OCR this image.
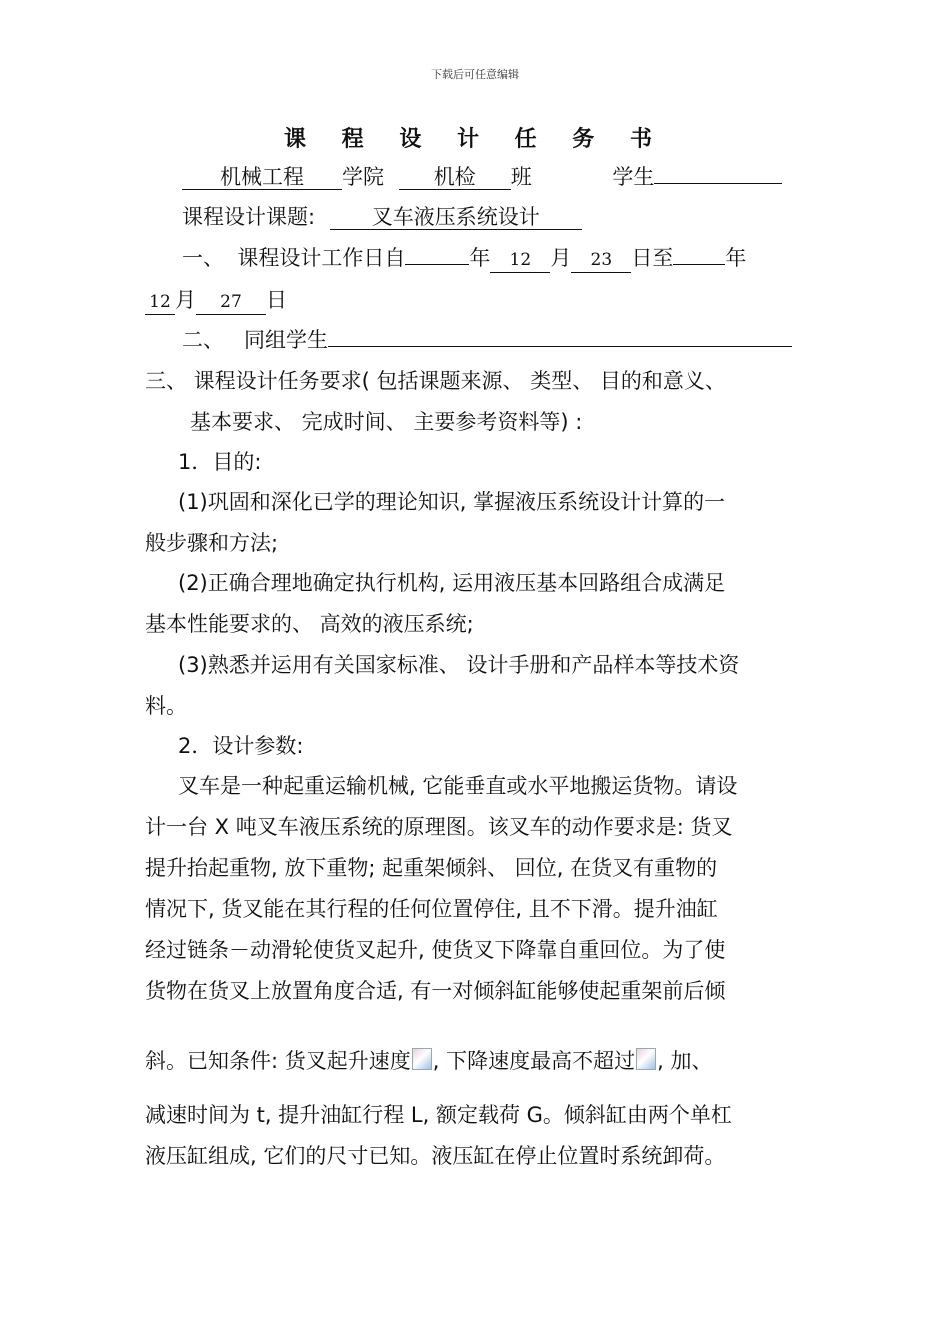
下载后可任意编辑
课 程 设 计 任 务 书
机械工程 学院 机检 班	学生
课程设计课题:	叉车液压系统设计
一、 课程设计工作日自	年 12 月 23 日至 年
12 月 27 日
二、 同组学生
三、 课程设计任务要求( 包括课题来源、 类型、 目的和意义、
基本要求、 完成时间、 主要参考资料等) :
1．目的:
(1)巩固和深化已学的理论知识, 掌握液压系统设计计算的一
般步骤和方法;
(2)正确合理地确定执行机构, 运用液压基本回路组合成满足
基本性能要求的、 高效的液压系统;
(3)熟悉并运用有关国家标准、 设计手册和产品样本等技术资
料。
2．设计参数:
叉车是一种起重运输机械, 它能垂直或水平地搬运货物。请设
计一台 X 吨叉车液压系统的原理图。该叉车的动作要求是: 货叉
提升抬起重物, 放下重物; 起重架倾斜、 回位, 在货叉有重物的
情况下, 货叉能在其行程的任何位置停住, 且不下滑。提升油缸
经过链条－动滑轮使货叉起升, 使货叉下降靠自重回位。为了使
货物在货叉上放置角度合适, 有一对倾斜缸能够使起重架前后倾
斜。已知条件: 货叉起升速度 , 下降速度最高不超过 , 加、
减速时间为 t, 提升油缸行程 L, 额定载荷 G。倾斜缸由两个单杠
液压缸组成, 它们的尺寸已知。液压缸在停止位置时系统卸荷。
